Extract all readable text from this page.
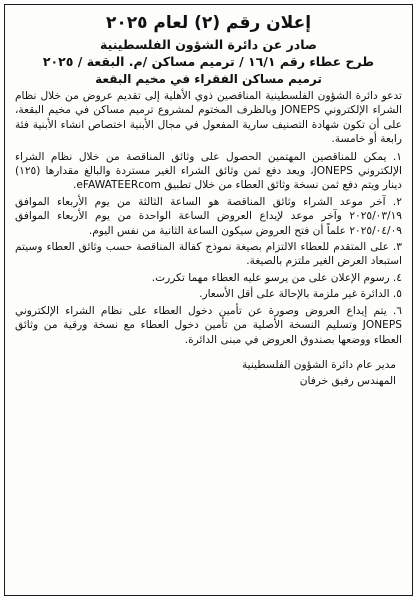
إعلان رقم (٢) لعام ٢٠٢٥
صادر عن دائرة الشؤون الفلسطينية
طرح عطاء رقم ١٦/١ / ترميم مساكن /م. البقعة / ٢٠٢٥
ترميم مساكن الفقراء في مخيم البقعة

تدعو دائرة الشؤون الفلسطينية المناقصين ذوي الأهلية إلى تقديم عروض من خلال نظام الشراء الإلكتروني JONEPS وبالظرف المختوم لمشروع ترميم مساكن في مخيم البقعة، على أن تكون شهادة التصنيف سارية المفعول في مجال الأبنية اختصاص انشاء الأبنية فئة رابعة أو خامسة.

١. يمكن للمناقصين المهتمين الحصول على وثائق المناقصة من خلال نظام الشراء الإلكتروني JONEPS، ويعد دفع ثمن وثائق الشراء الغير مستردة والبالغ مقدارها (١٢٥) دينار ويتم دفع ثمن نسخة وثائق العطاء من خلال تطبيق eFAWATEERcom.

٢. آخر موعد الشراء وثائق المناقصة هو الساعة الثالثة من يوم الأربعاء الموافق ٢٠٢٥/٠٣/١٩ وآخر موعد لإيداع العروض الساعة الواحدة من يوم الأربعاء الموافق ٢٠٢٥/٠٤/٠٩ علماً أن فتح العروض سيكون الساعة الثانية من نفس اليوم.

٣. على المتقدم للعطاء الالتزام بصيغة نموذج كفالة المناقصة حسب وثائق العطاء وسيتم استبعاد العرض الغير ملتزم بالصيغة.

٤. رسوم الإعلان على من يرسو عليه العطاء مهما تكررت.

٥. الدائرة غير ملزمة بالإحالة على أقل الأسعار.

٦. يتم إيداع العروض وصورة عن تأمين دخول العطاء على نظام الشراء الإلكتروني JONEPS وتسليم النسخة الأصلية من تأمين دخول العطاء مع نسخة ورقية من وثائق العطاء ووضعها بصندوق العروض في مبنى الدائرة.

مدير عام دائرة الشؤون الفلسطينية
المهندس رفيق خرفان
